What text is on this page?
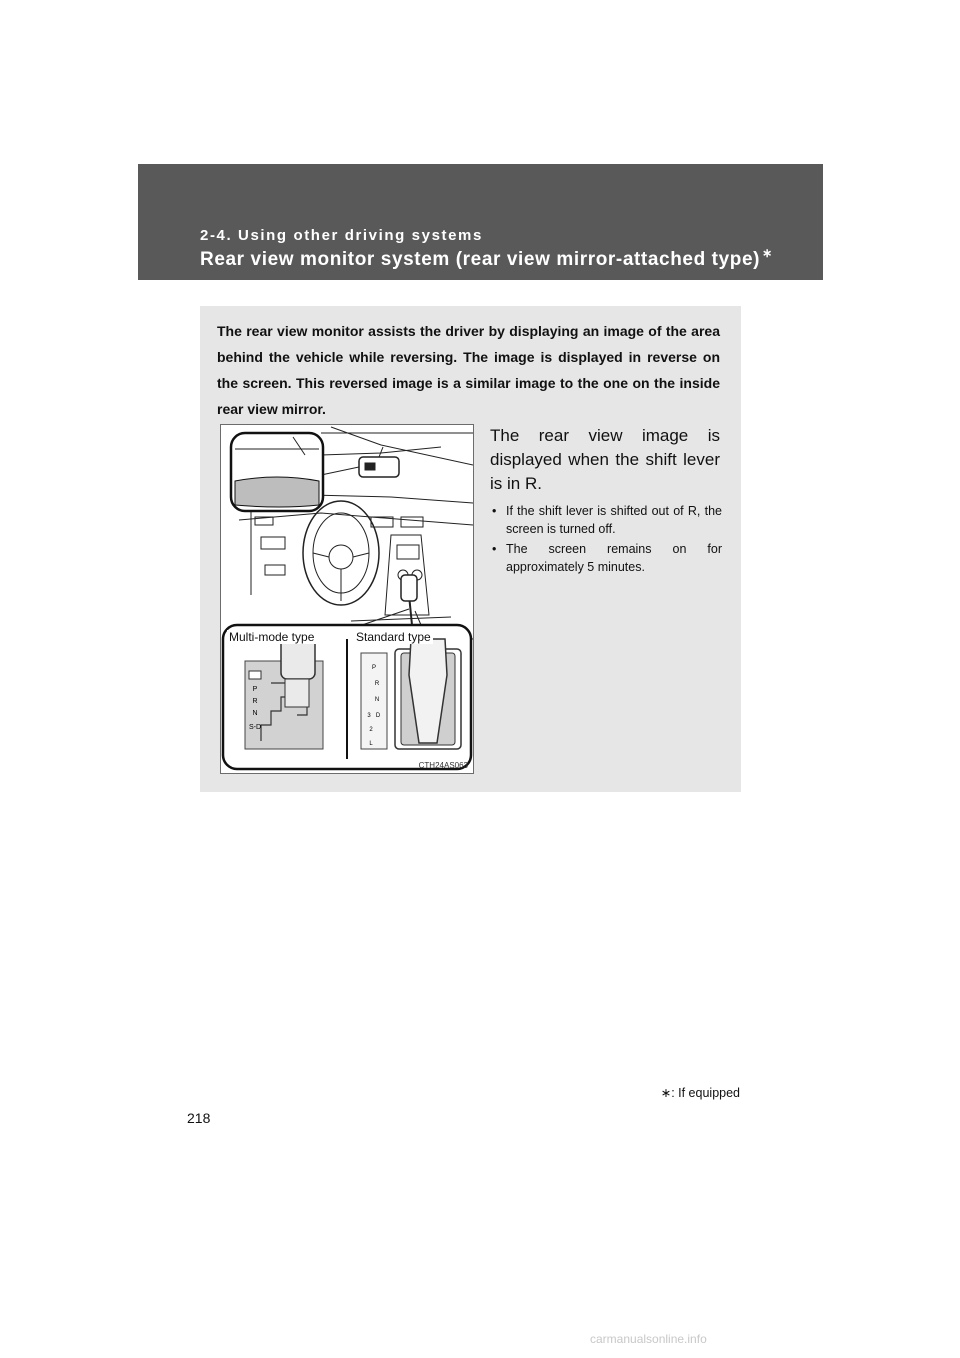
2-4. Using other driving systems
Rear view monitor system (rear view mirror-attached type) ∗
The rear view monitor assists the driver by displaying an image of the area behind the vehicle while reversing. The image is displayed in reverse on the screen. This reversed image is a similar image to the one on the inside rear view mirror.
P
R
N
S-D
P
R
N
D
3
2
L
Multi-mode type	Standard type
CTH24AS063
The rear view image is displayed when the shift lever is in R.
• If the shift lever is shifted out of R, the screen is turned off.
• The screen remains on for approximately 5 minutes.
∗: If equipped
218
carmanualsonline.info
